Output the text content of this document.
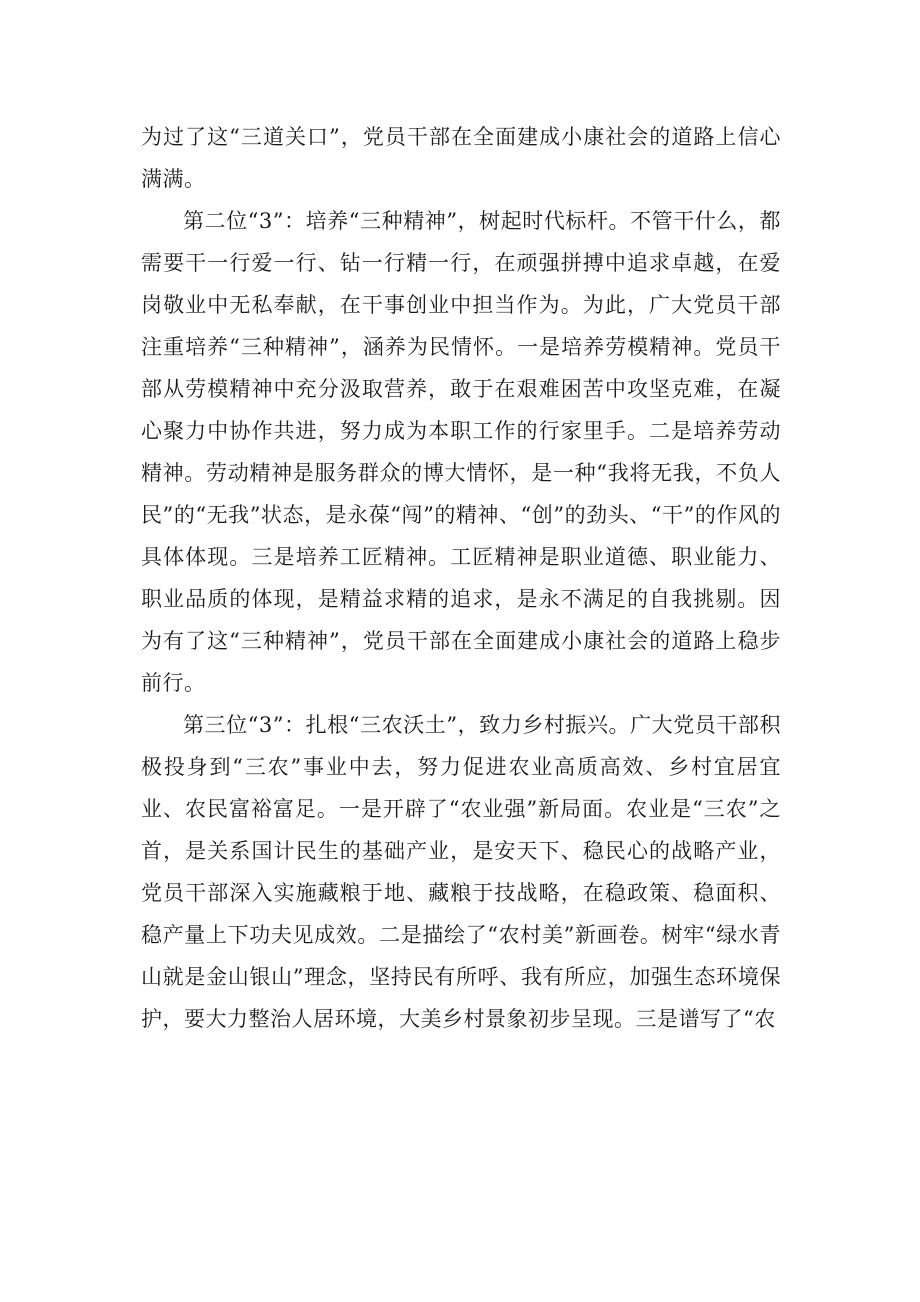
为过了这“三道关口”，党员干部在全面建成小康社会的道路上信心满满。

第二位“3”：培养“三种精神”，树起时代标杆。不管干什么，都需要干一行爱一行、钻一行精一行，在顽强拼搏中追求卓越，在爱岗敬业中无私奉献，在干事创业中担当作为。为此，广大党员干部注重培养“三种精神”，涵养为民情怀。一是培养劳模精神。党员干部从劳模精神中充分汲取营养，敢于在艰难困苦中攻坚克难，在凝心聚力中协作共进，努力成为本职工作的行家里手。二是培养劳动精神。劳动精神是服务群众的博大情怀，是一种“我将无我，不负人民”的“无我”状态，是永葆“闯”的精神、“创”的劲头、“干”的作风的具体体现。三是培养工匠精神。工匠精神是职业道德、职业能力、职业品质的体现，是精益求精的追求，是永不满足的自我挑剔。因为有了这“三种精神”，党员干部在全面建成小康社会的道路上稳步前行。

第三位“3”：扎根“三农沃土”，致力乡村振兴。广大党员干部积极投身到“三农”事业中去，努力促进农业高质高效、乡村宜居宜业、农民富裕富足。一是开辟了“农业强”新局面。农业是“三农”之首，是关系国计民生的基础产业，是安天下、稳民心的战略产业，党员干部深入实施藏粮于地、藏粮于技战略，在稳政策、稳面积、稳产量上下功夫见成效。二是描绘了“农村美”新画卷。树牢“绿水青山就是金山银山”理念，坚持民有所呼、我有所应，加强生态环境保护，要大力整治人居环境，大美乡村景象初步呈现。三是谱写了“农
